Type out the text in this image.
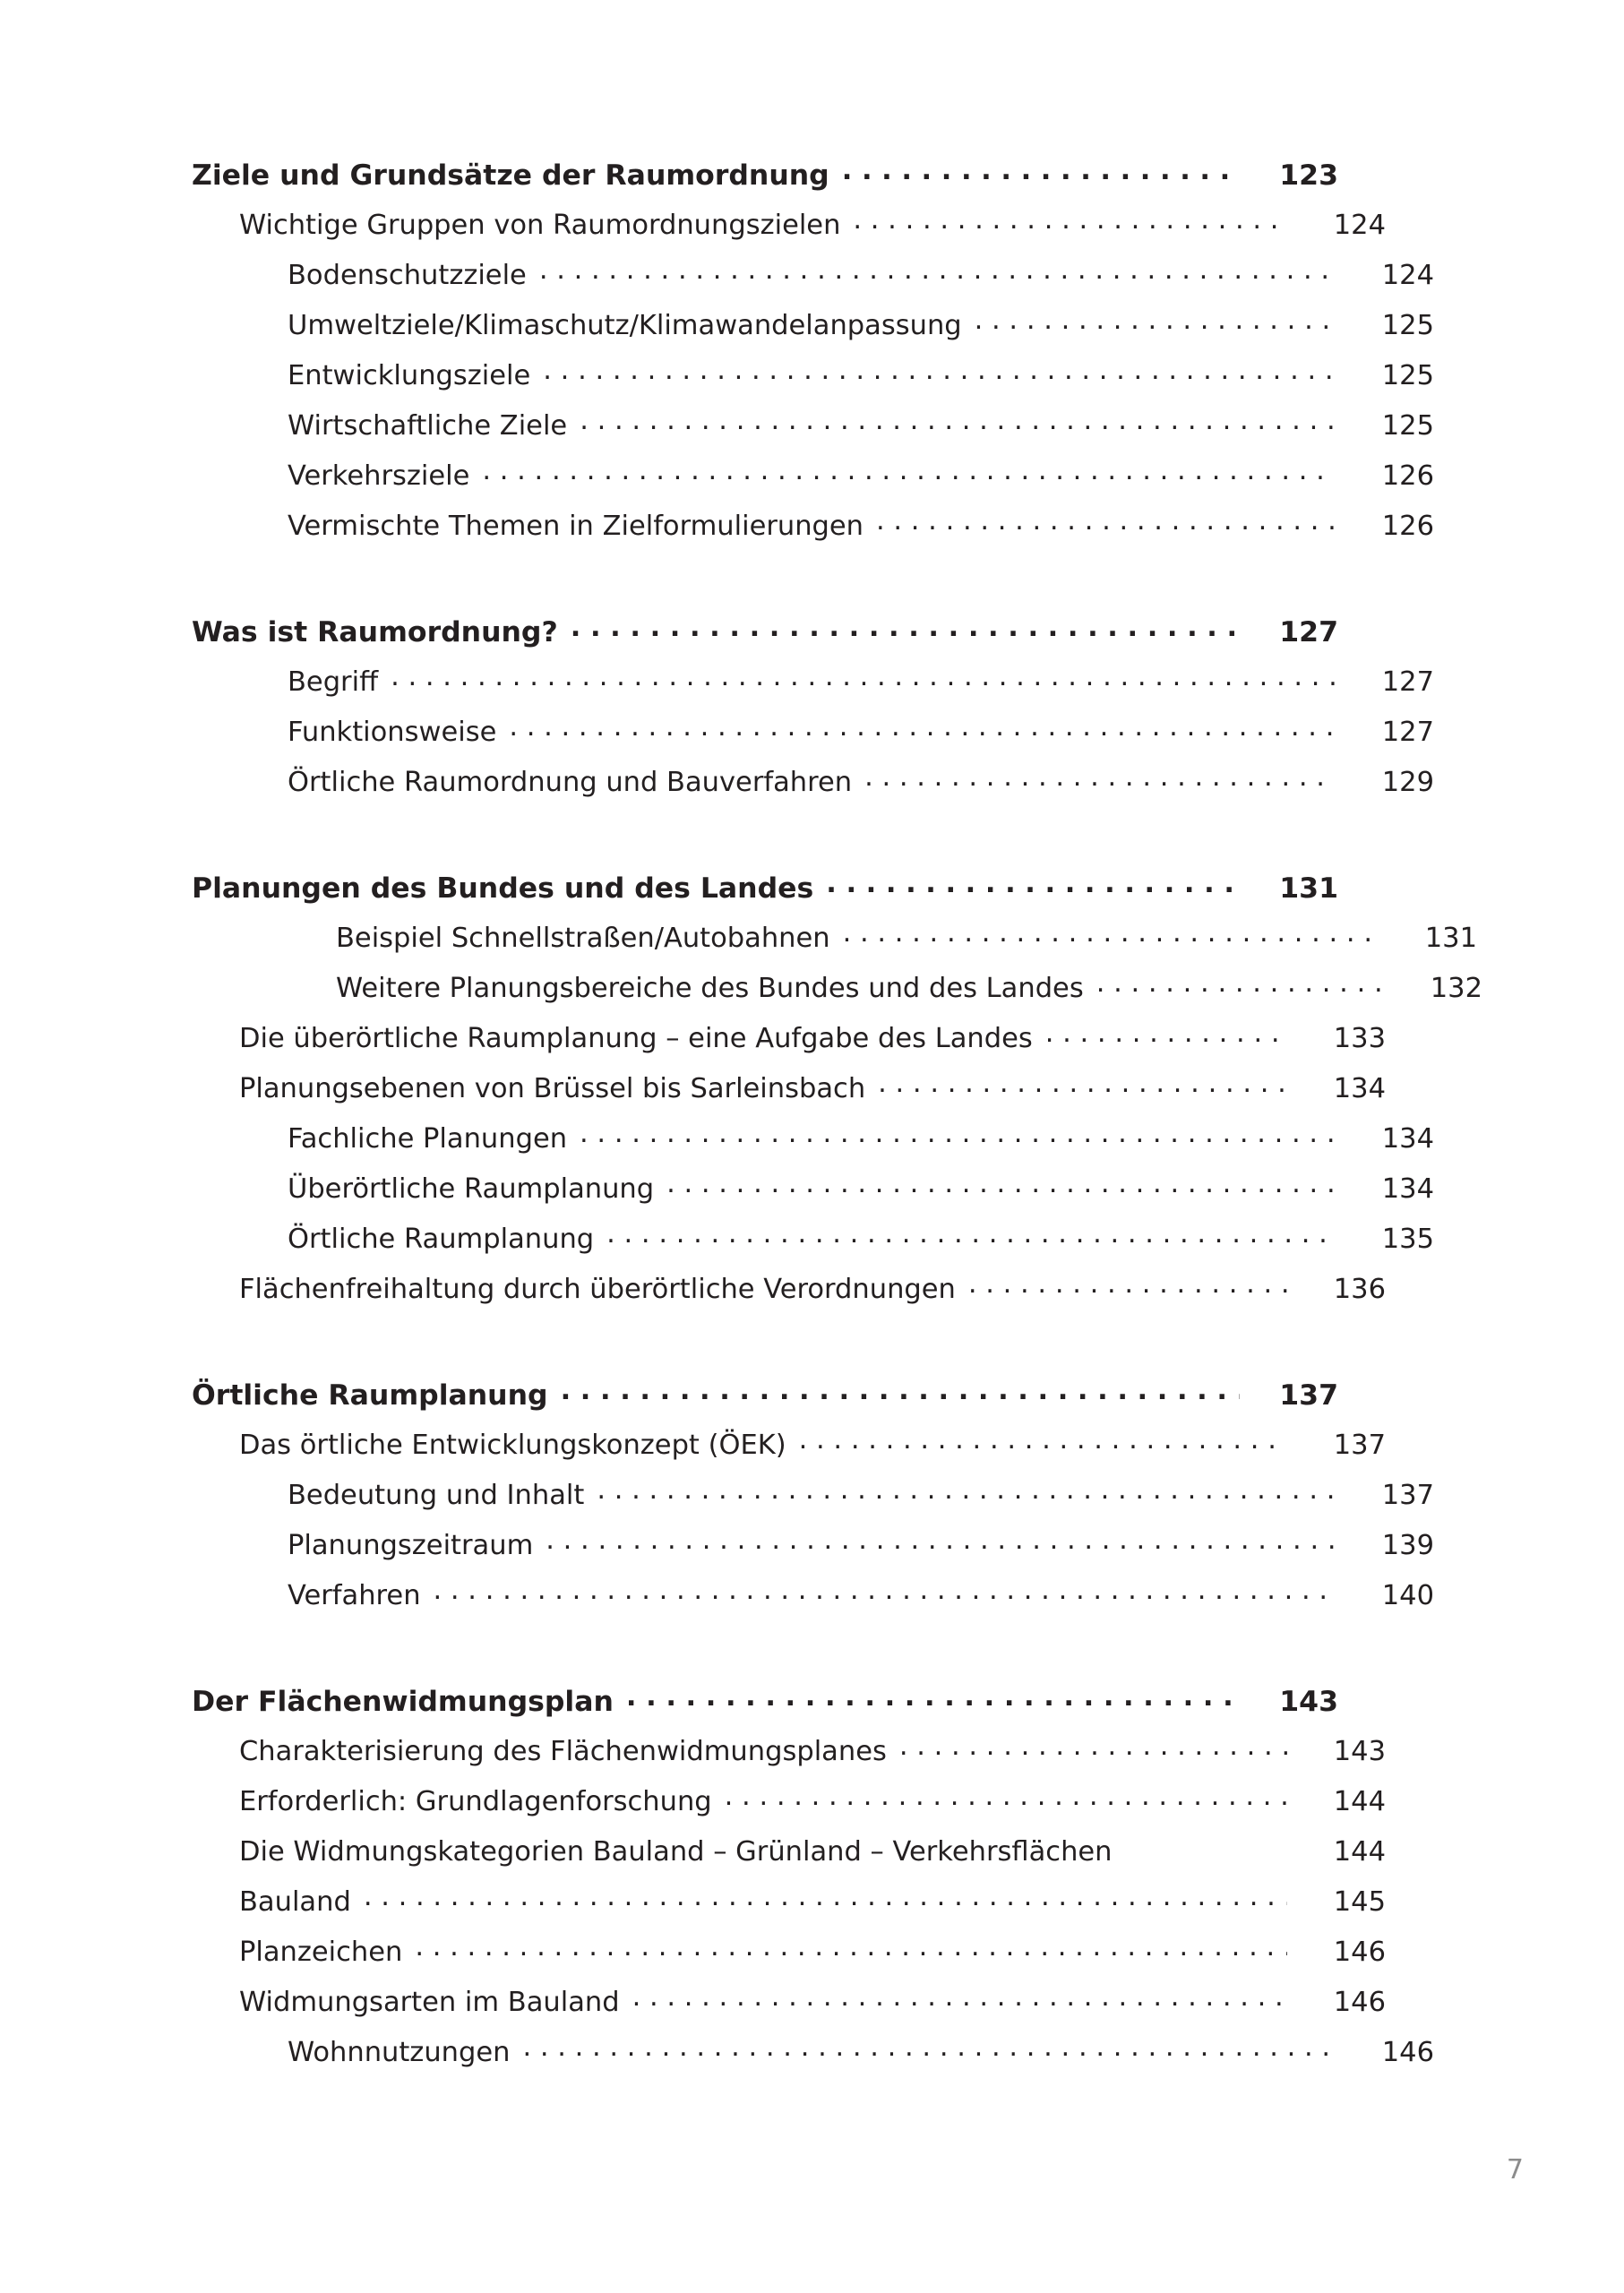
Ziele und Grundsätze der Raumordnung . . .	123
Wichtige Gruppen von Raumordnungszielen . . .	124
Bodenschutzziele . . .	124
Umweltziele/Klimaschutz/Klimawandelanpassung . . .	125
Entwicklungsziele . . .	125
Wirtschaftliche Ziele . . .	125
Verkehrsziele . . .	126
Vermischte Themen in Zielformulierungen . . .	126
Was ist Raumordnung? . . .	127
Begriff . . .	127
Funktionsweise . . .	127
Örtliche Raumordnung und Bauverfahren . . .	129
Planungen des Bundes und des Landes . . .	131
Beispiel Schnellstraßen/Autobahnen . . .	131
Weitere Planungsbereiche des Bundes und des Landes . . .	132
Die überörtliche Raumplanung – eine Aufgabe des Landes . . .	133
Planungsebenen von Brüssel bis Sarleinsbach . . .	134
Fachliche Planungen . . .	134
Überörtliche Raumplanung . . .	134
Örtliche Raumplanung . . .	135
Flächenfreihaltung durch überörtliche Verordnungen . . .	136
Örtliche Raumplanung . . .	137
Das örtliche Entwicklungskonzept (ÖEK) . . .	137
Bedeutung und Inhalt . . .	137
Planungszeitraum . . .	139
Verfahren . . .	140
Der Flächenwidmungsplan . . .	143
Charakterisierung des Flächenwidmungsplanes . . .	143
Erforderlich: Grundlagenforschung . . .	144
Die Widmungskategorien Bauland – Grünland – Verkehrsflächen	144
Bauland . . .	145
Planzeichen . . .	146
Widmungsarten im Bauland . . .	146
Wohnnutzungen . . .	146
7
